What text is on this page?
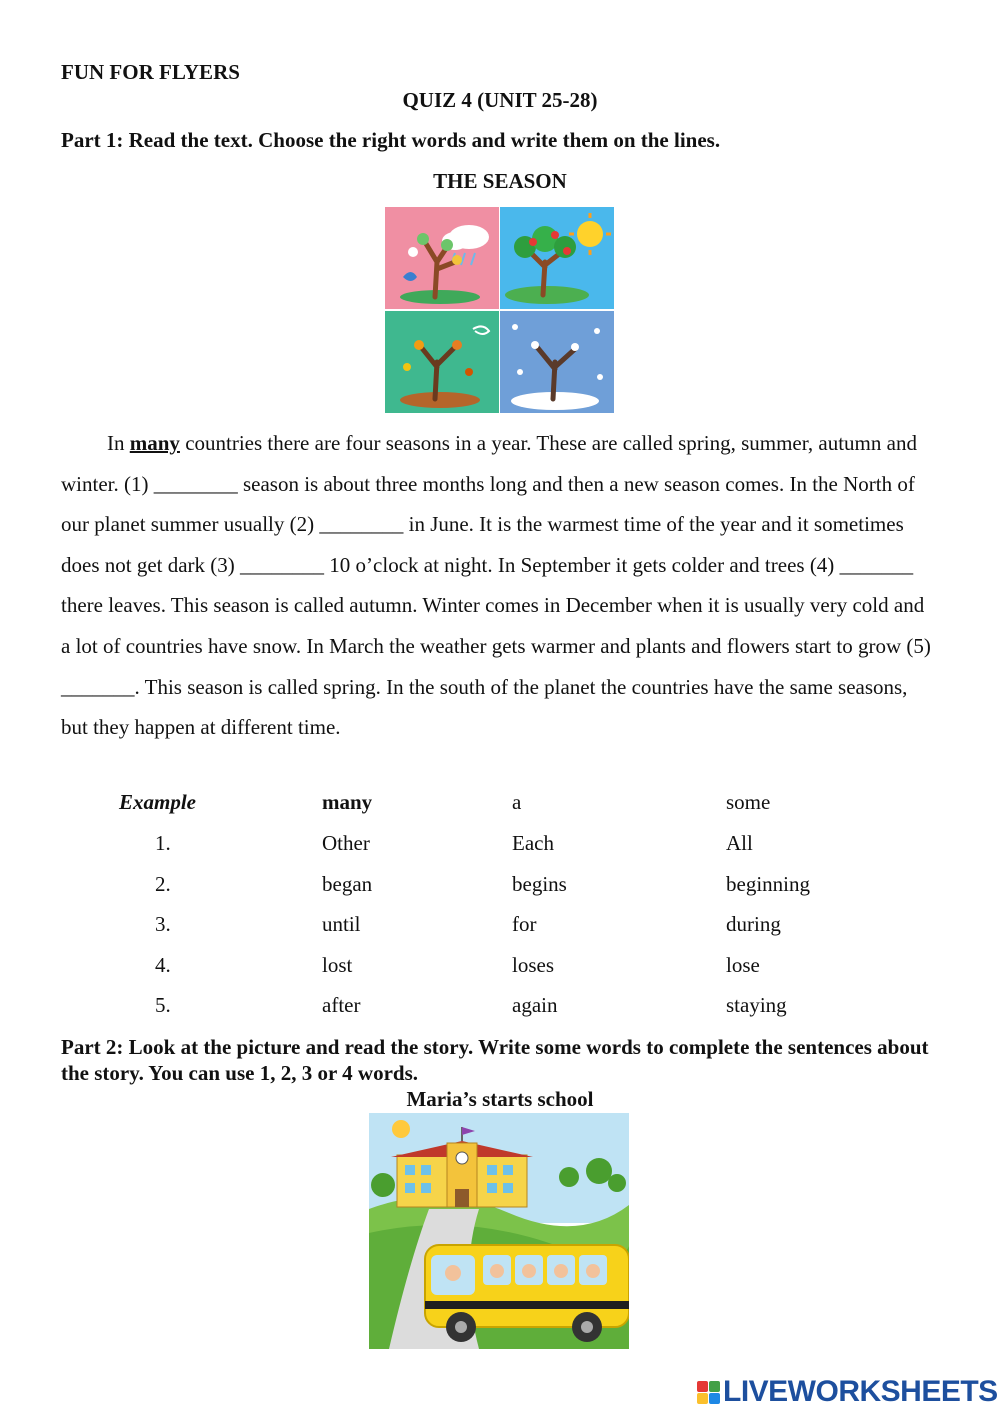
FUN FOR FLYERS
QUIZ 4 (UNIT 25-28)
Part 1: Read the text. Choose the right words and write them on the lines.
THE SEASON
In many countries there are four seasons in a year. These are called spring, summer, autumn and winter. (1) ________ season is about three months long and then a new season comes. In the North of our planet summer usually (2) ________ in June. It is the warmest time of the year and it sometimes does not get dark (3) ________ 10 o’clock at night. In September it gets colder and trees (4) _______ there leaves. This season is called autumn. Winter comes in December when it is usually very cold and a lot of countries have snow. In March the weather gets warmer and plants and flowers start to grow (5) _______. This season is called spring. In the south of the planet the countries have the same seasons, but they happen at different time.
Example	many	a	some
1.	Other	Each	All
2.	began	begins	beginning
3.	until	for	during
4.	lost	loses	lose
5.	after	again	staying
Part 2: Look at the picture and read the story. Write some words to complete the sentences about the story. You can use 1, 2, 3 or 4 words.
Maria’s starts school
LIVEWORKSHEETS
